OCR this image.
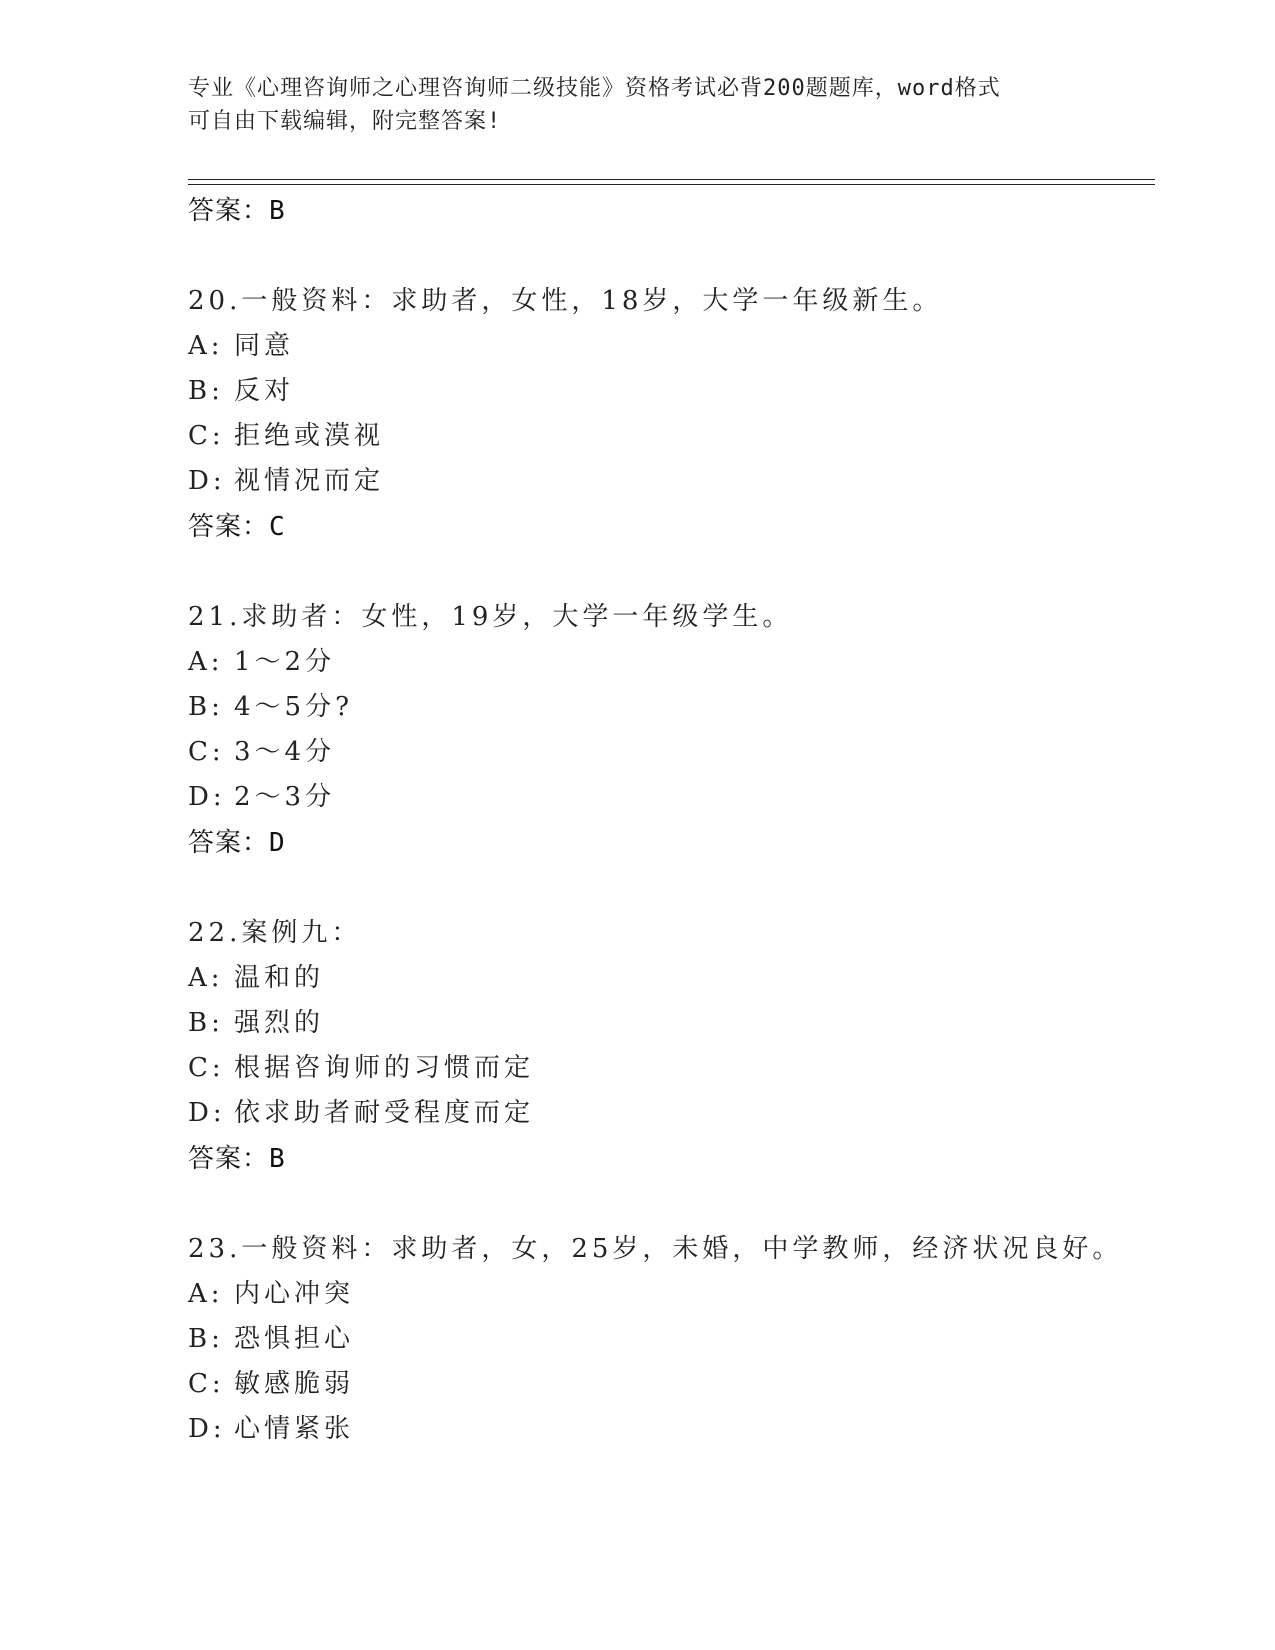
专业《心理咨询师之心理咨询师二级技能》资格考试必背200题题库，word格式
可自由下载编辑，附完整答案!
答案：B
20.一般资料：求助者，女性，18岁，大学一年级新生。
A: 同意
B: 反对
C: 拒绝或漠视
D: 视情况而定
答案：C
21.求助者：女性，19岁，大学一年级学生。
A: 1～2分
B: 4～5分?
C: 3～4分
D: 2～3分
答案：D
22.案例九：
A: 温和的
B: 强烈的
C: 根据咨询师的习惯而定
D: 依求助者耐受程度而定
答案：B
23.一般资料：求助者，女，25岁，未婚，中学教师，经济状况良好。
A: 内心冲突
B: 恐惧担心
C: 敏感脆弱
D: 心情紧张
